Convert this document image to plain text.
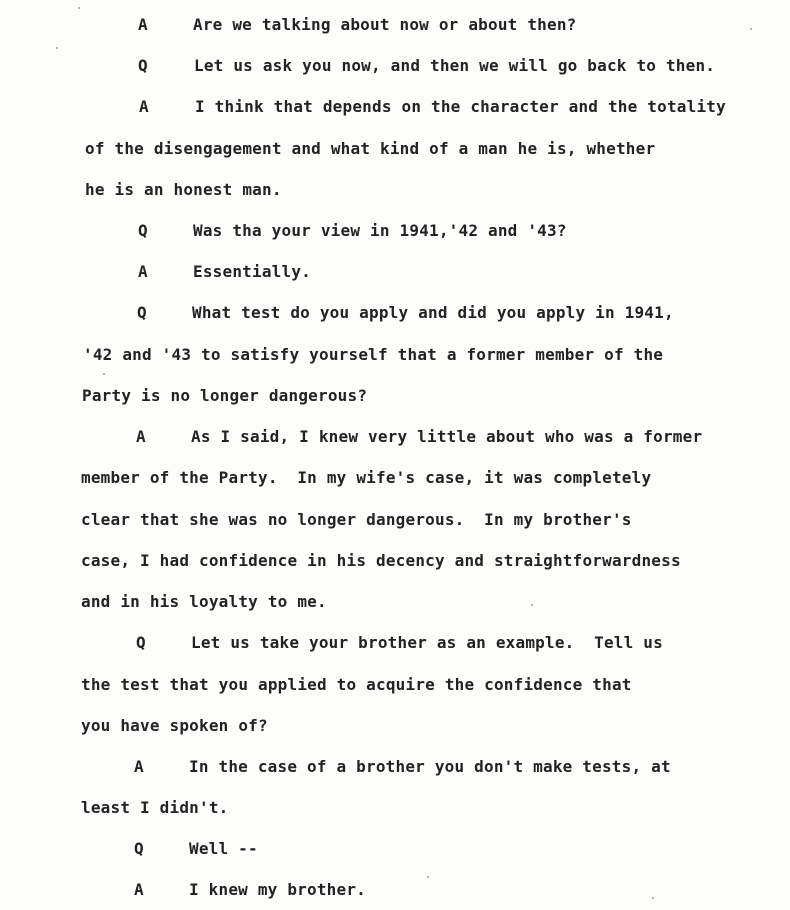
A	Are we talking about now or about then?
Q	Let us ask you now, and then we will go back to then.
A	I think that depends on the character and the totality
of the disengagement and what kind of a man he is, whether
he is an honest man.
Q	Was tha your view in 1941,'42 and '43?
A	Essentially.
Q	What test do you apply and did you apply in 1941,
'42 and '43 to satisfy yourself that a former member of the
Party is no longer dangerous?
A	As I said, I knew very little about who was a former
member of the Party.  In my wife's case, it was completely
clear that she was no longer dangerous.  In my brother's
case, I had confidence in his decency and straightforwardness
and in his loyalty to me.
Q	Let us take your brother as an example.  Tell us
the test that you applied to acquire the confidence that
you have spoken of?
A	In the case of a brother you don't make tests, at
least I didn't.
Q	Well --
A	I knew my brother.
